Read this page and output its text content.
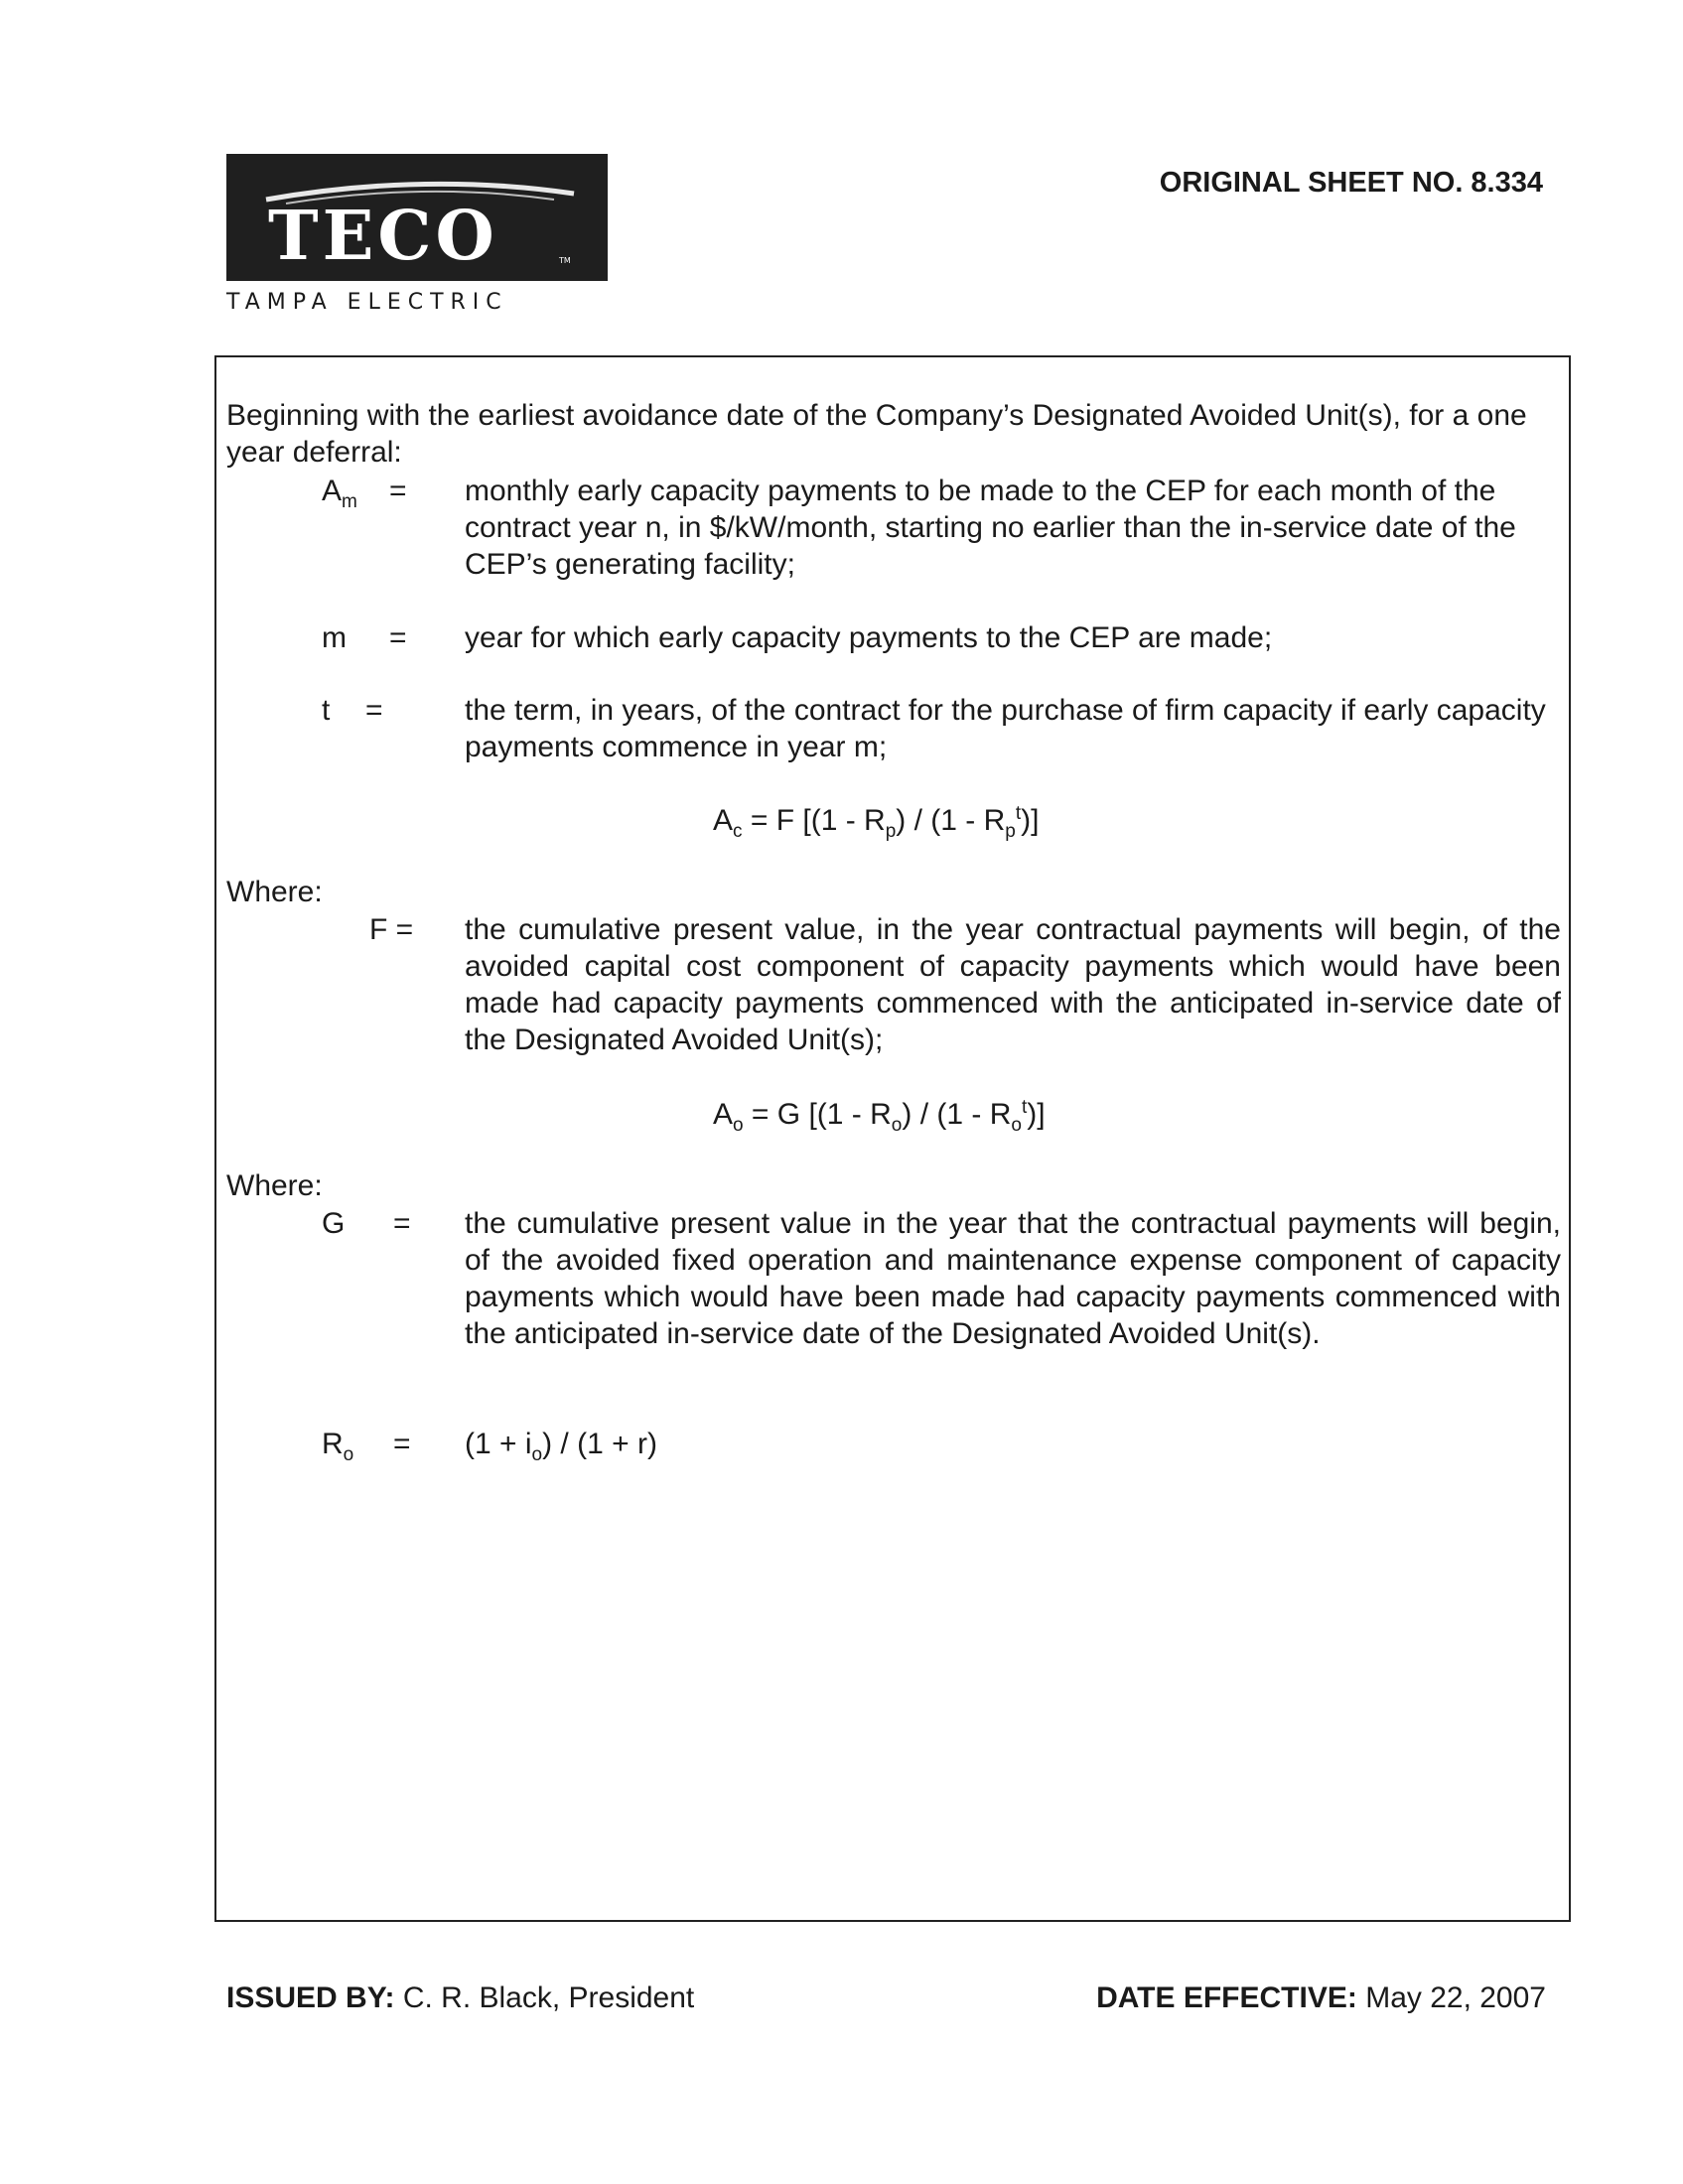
TECO	TM
TAMPA ELECTRIC
ORIGINAL SHEET NO. 8.334
Beginning with the earliest avoidance date of the Company’s Designated Avoided Unit(s), for a one year deferral:
$A_m$ = monthly early capacity payments to be made to the CEP for each month of the contract year n, in $/kW/month, starting no earlier than the in-service date of the CEP’s generating facility;
m = year for which early capacity payments to the CEP are made;
t =	the term, in years, of the contract for the purchase of firm capacity if early capacity payments commence in year m;
$A_c = F$ $[(1 - R_p) / (1 - R_p^t)]$
Where:
F = the cumulative present value, in the year contractual payments will begin, of the avoided capital cost component of capacity payments which would have been made had capacity payments commenced with the anticipated in-service date of the Designated Avoided Unit(s);
$A_o = G$ $[(1 - R_o) / (1 - R_o^t)]$
Where:
G = the cumulative present value in the year that the contractual payments will begin, of the avoided fixed operation and maintenance expense component of capacity payments which would have been made had capacity payments commenced with the anticipated in-service date of the Designated Avoided Unit(s).
$R_o = (1 + i_o) / (1 + r)$
ISSUED BY: C. R. Black, President	DATE EFFECTIVE: May 22, 2007
